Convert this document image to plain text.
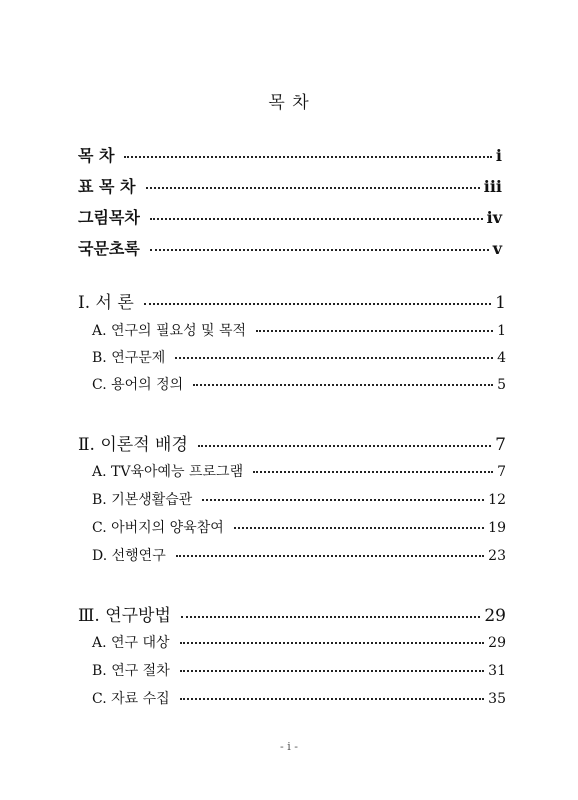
목 차
목 차	i
표 목 차	iii
그림목차	iv
국문초록	v
Ⅰ. 서 론	1
A. 연구의 필요성 및 목적	1
B. 연구문제	4
C. 용어의 정의	5
Ⅱ. 이론적 배경	7
A. TV육아예능 프로그램	7
B. 기본생활습관	12
C. 아버지의 양육참여	19
D. 선행연구	23
Ⅲ. 연구방법	29
A. 연구 대상	29
B. 연구 절차	31
C. 자료 수집	35
- i -
